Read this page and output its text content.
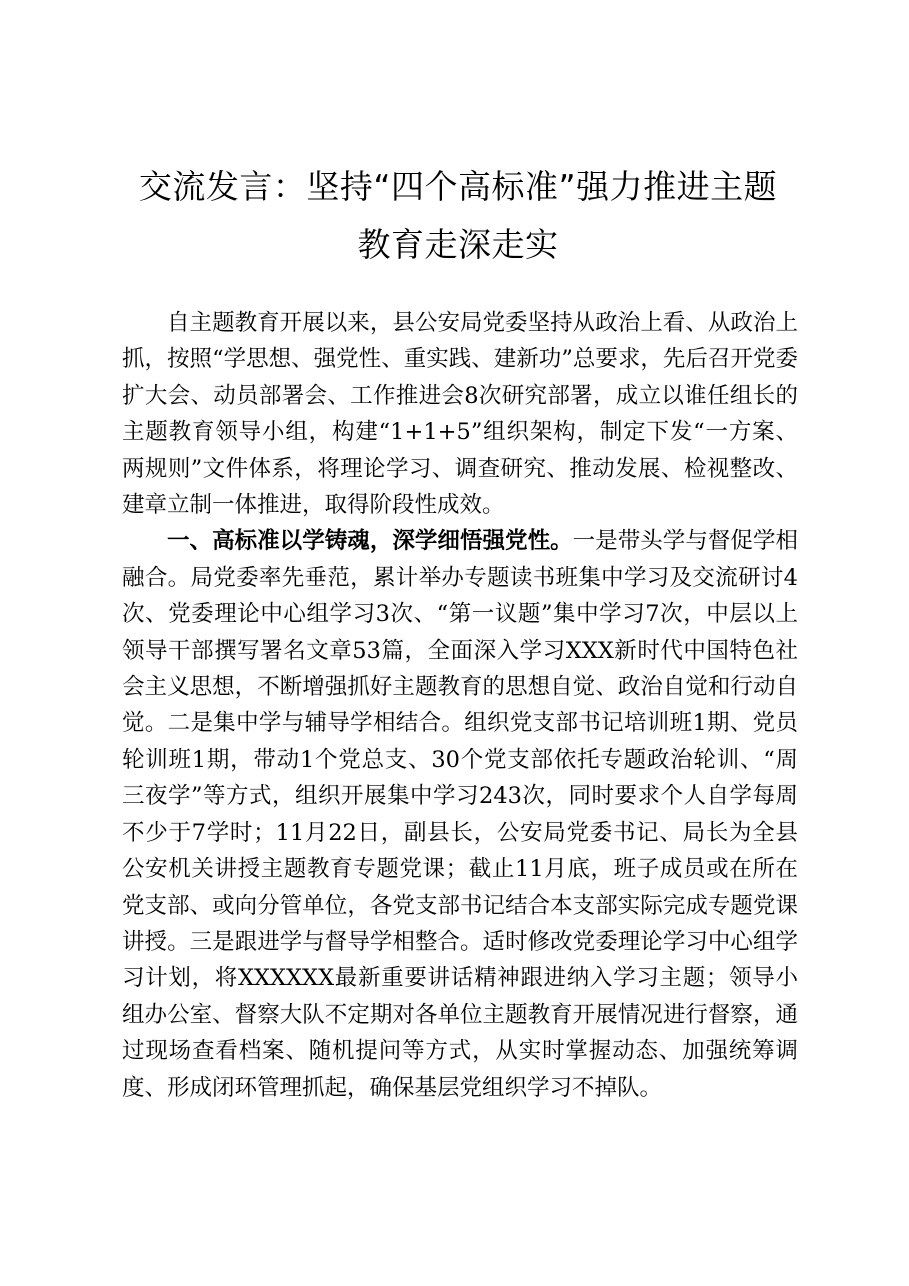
交流发言：坚持“四个高标准”强力推进主题
教育走深走实

自主题教育开展以来，县公安局党委坚持从政治上看、从政治上抓，按照“学思想、强党性、重实践、建新功”总要求，先后召开党委扩大会、动员部署会、工作推进会8次研究部署，成立以谁任组长的主题教育领导小组，构建“1+1+5”组织架构，制定下发“一方案、两规则”文件体系，将理论学习、调查研究、推动发展、检视整改、建章立制一体推进，取得阶段性成效。

一、高标准以学铸魂，深学细悟强党性。一是带头学与督促学相融合。局党委率先垂范，累计举办专题读书班集中学习及交流研讨4次、党委理论中心组学习3次、“第一议题”集中学习7次，中层以上领导干部撰写署名文章53篇，全面深入学习XXX新时代中国特色社会主义思想，不断增强抓好主题教育的思想自觉、政治自觉和行动自觉。二是集中学与辅导学相结合。组织党支部书记培训班1期、党员轮训班1期，带动1个党总支、30个党支部依托专题政治轮训、“周三夜学”等方式，组织开展集中学习243次，同时要求个人自学每周不少于7学时；11月22日，副县长，公安局党委书记、局长为全县公安机关讲授主题教育专题党课；截止11月底，班子成员或在所在党支部、或向分管单位，各党支部书记结合本支部实际完成专题党课讲授。三是跟进学与督导学相整合。适时修改党委理论学习中心组学习计划，将XXXXXX最新重要讲话精神跟进纳入学习主题；领导小组办公室、督察大队不定期对各单位主题教育开展情况进行督察，通过现场查看档案、随机提问等方式，从实时掌握动态、加强统筹调度、形成闭环管理抓起，确保基层党组织学习不掉队。
